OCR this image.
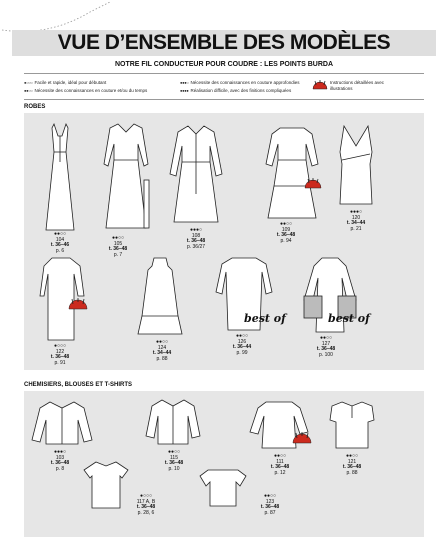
VUE D’ENSEMBLE DES MODÈLES
NOTRE FIL CONDUCTEUR POUR COUDRE : LES POINTS BURDA
●○○○ Facile et rapide, idéal pour débutant
●●○○ Nécessite des connaissances en couture et/ou du temps
●●●○ Nécessite des connaissances en couture approfondies
●●●● Réalisation difficile, avec des finitions compliquées
Instructions détaillées avec illustrations
ROBES
●●○○
104
t. 36–46
p. 6
●●○○
105
t. 36–48
p. 7
●●●○
108
t. 36–48
p. 36/27
●●○○
109
t. 36–48
p. 94
●●●○
120
t. 34–44
p. 21
●○○○
122
t. 36–48
p. 91
●●○○
124
t. 34–44
p. 88
best of
●●○○
126
t. 36–44
p. 99
best of
●●○○
127
t. 36–48
p. 100
CHEMISIERS, BLOUSES ET T-SHIRTS
●●●○
103
t. 36–48
p. 8
●●○○
115
t. 36–48
p. 10
●●○○
111
t. 36–48
p. 12
●●○○
121
t. 36–48
p. 88
●○○○
117 A, B
t. 36–48
p. 28, 6
●●○○
123
t. 36–48
p. 87
